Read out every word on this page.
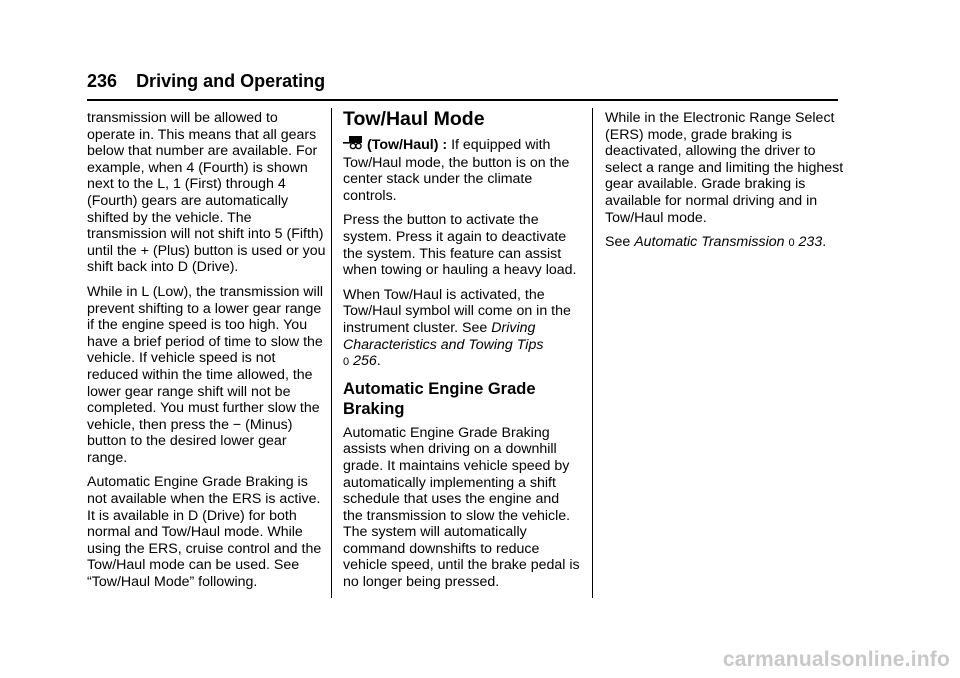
236 Driving and Operating

transmission will be allowed to operate in. This means that all gears below that number are available. For example, when 4 (Fourth) is shown next to the L, 1 (First) through 4 (Fourth) gears are automatically shifted by the vehicle. The transmission will not shift into 5 (Fifth) until the + (Plus) button is used or you shift back into D (Drive).

While in L (Low), the transmission will prevent shifting to a lower gear range if the engine speed is too high. You have a brief period of time to slow the vehicle. If vehicle speed is not reduced within the time allowed, the lower gear range shift will not be completed. You must further slow the vehicle, then press the − (Minus) button to the desired lower gear range.

Automatic Engine Grade Braking is not available when the ERS is active. It is available in D (Drive) for both normal and Tow/Haul mode. While using the ERS, cruise control and the Tow/Haul mode can be used. See “Tow/Haul Mode” following.

Tow/Haul Mode

(Tow/Haul) : If equipped with Tow/Haul mode, the button is on the center stack under the climate controls.

Press the button to activate the system. Press it again to deactivate the system. This feature can assist when towing or hauling a heavy load.

When Tow/Haul is activated, the Tow/Haul symbol will come on in the instrument cluster. See Driving Characteristics and Towing Tips
0 256.

Automatic Engine Grade Braking

Automatic Engine Grade Braking assists when driving on a downhill grade. It maintains vehicle speed by automatically implementing a shift schedule that uses the engine and the transmission to slow the vehicle. The system will automatically command downshifts to reduce vehicle speed, until the brake pedal is no longer being pressed.

While in the Electronic Range Select (ERS) mode, grade braking is deactivated, allowing the driver to select a range and limiting the highest gear available. Grade braking is available for normal driving and in Tow/Haul mode.

See Automatic Transmission 0 233.

carmanualsonline.info
